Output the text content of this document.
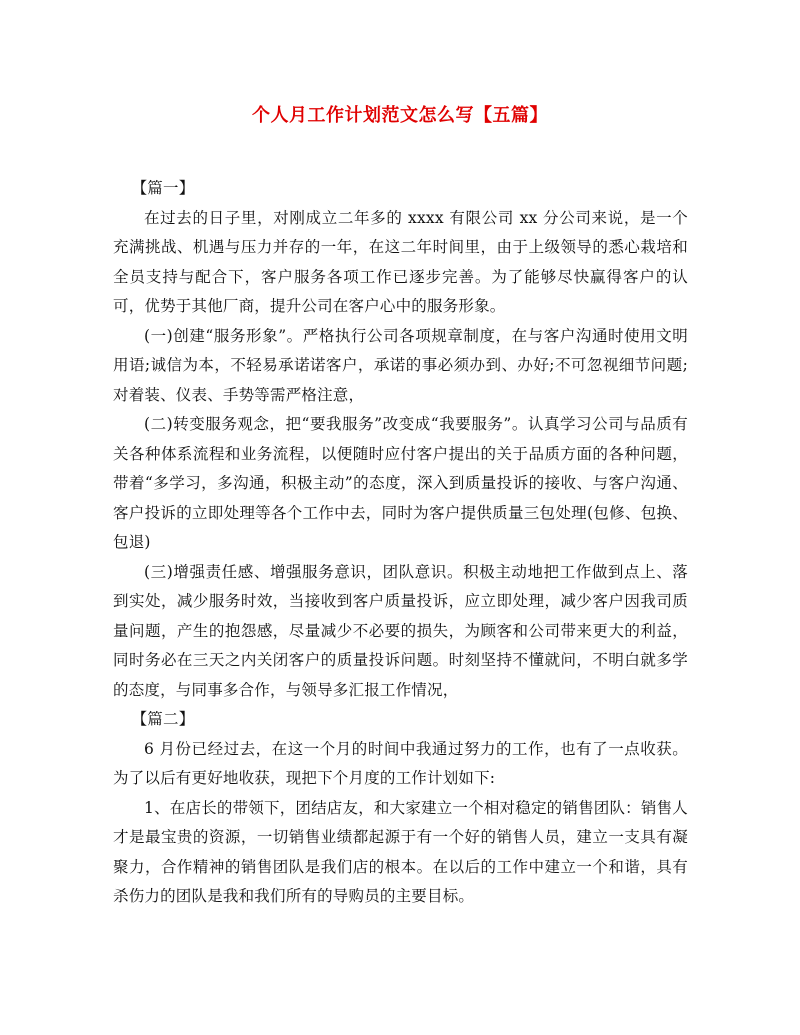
个人月工作计划范文怎么写【五篇】

【篇一】

在过去的日子里，对刚成立二年多的 xxxx 有限公司 xx 分公司来说，是一个充满挑战、机遇与压力并存的一年，在这二年时间里，由于上级领导的悉心栽培和全员支持与配合下，客户服务各项工作已逐步完善。为了能够尽快赢得客户的认可，优势于其他厂商，提升公司在客户心中的服务形象。

(一)创建“服务形象”。严格执行公司各项规章制度，在与客户沟通时使用文明用语;诚信为本，不轻易承诺诺客户，承诺的事必须办到、办好;不可忽视细节问题;对着装、仪表、手势等需严格注意，

(二)转变服务观念，把“要我服务”改变成“我要服务”。认真学习公司与品质有关各种体系流程和业务流程，以便随时应付客户提出的关于品质方面的各种问题，带着“多学习，多沟通，积极主动”的态度，深入到质量投诉的接收、与客户沟通、客户投诉的立即处理等各个工作中去，同时为客户提供质量三包处理(包修、包换、包退)

(三)增强责任感、增强服务意识，团队意识。积极主动地把工作做到点上、落到实处，减少服务时效，当接收到客户质量投诉，应立即处理，减少客户因我司质量问题，产生的抱怨感，尽量减少不必要的损失，为顾客和公司带来更大的利益，同时务必在三天之内关闭客户的质量投诉问题。时刻坚持不懂就问，不明白就多学的态度，与同事多合作，与领导多汇报工作情况，

【篇二】

6 月份已经过去，在这一个月的时间中我通过努力的工作，也有了一点收获。为了以后有更好地收获，现把下个月度的工作计划如下:

1、在店长的带领下，团结店友，和大家建立一个相对稳定的销售团队：销售人才是最宝贵的资源，一切销售业绩都起源于有一个好的销售人员，建立一支具有凝聚力，合作精神的销售团队是我们店的根本。在以后的工作中建立一个和谐，具有杀伤力的团队是我和我们所有的导购员的主要目标。
